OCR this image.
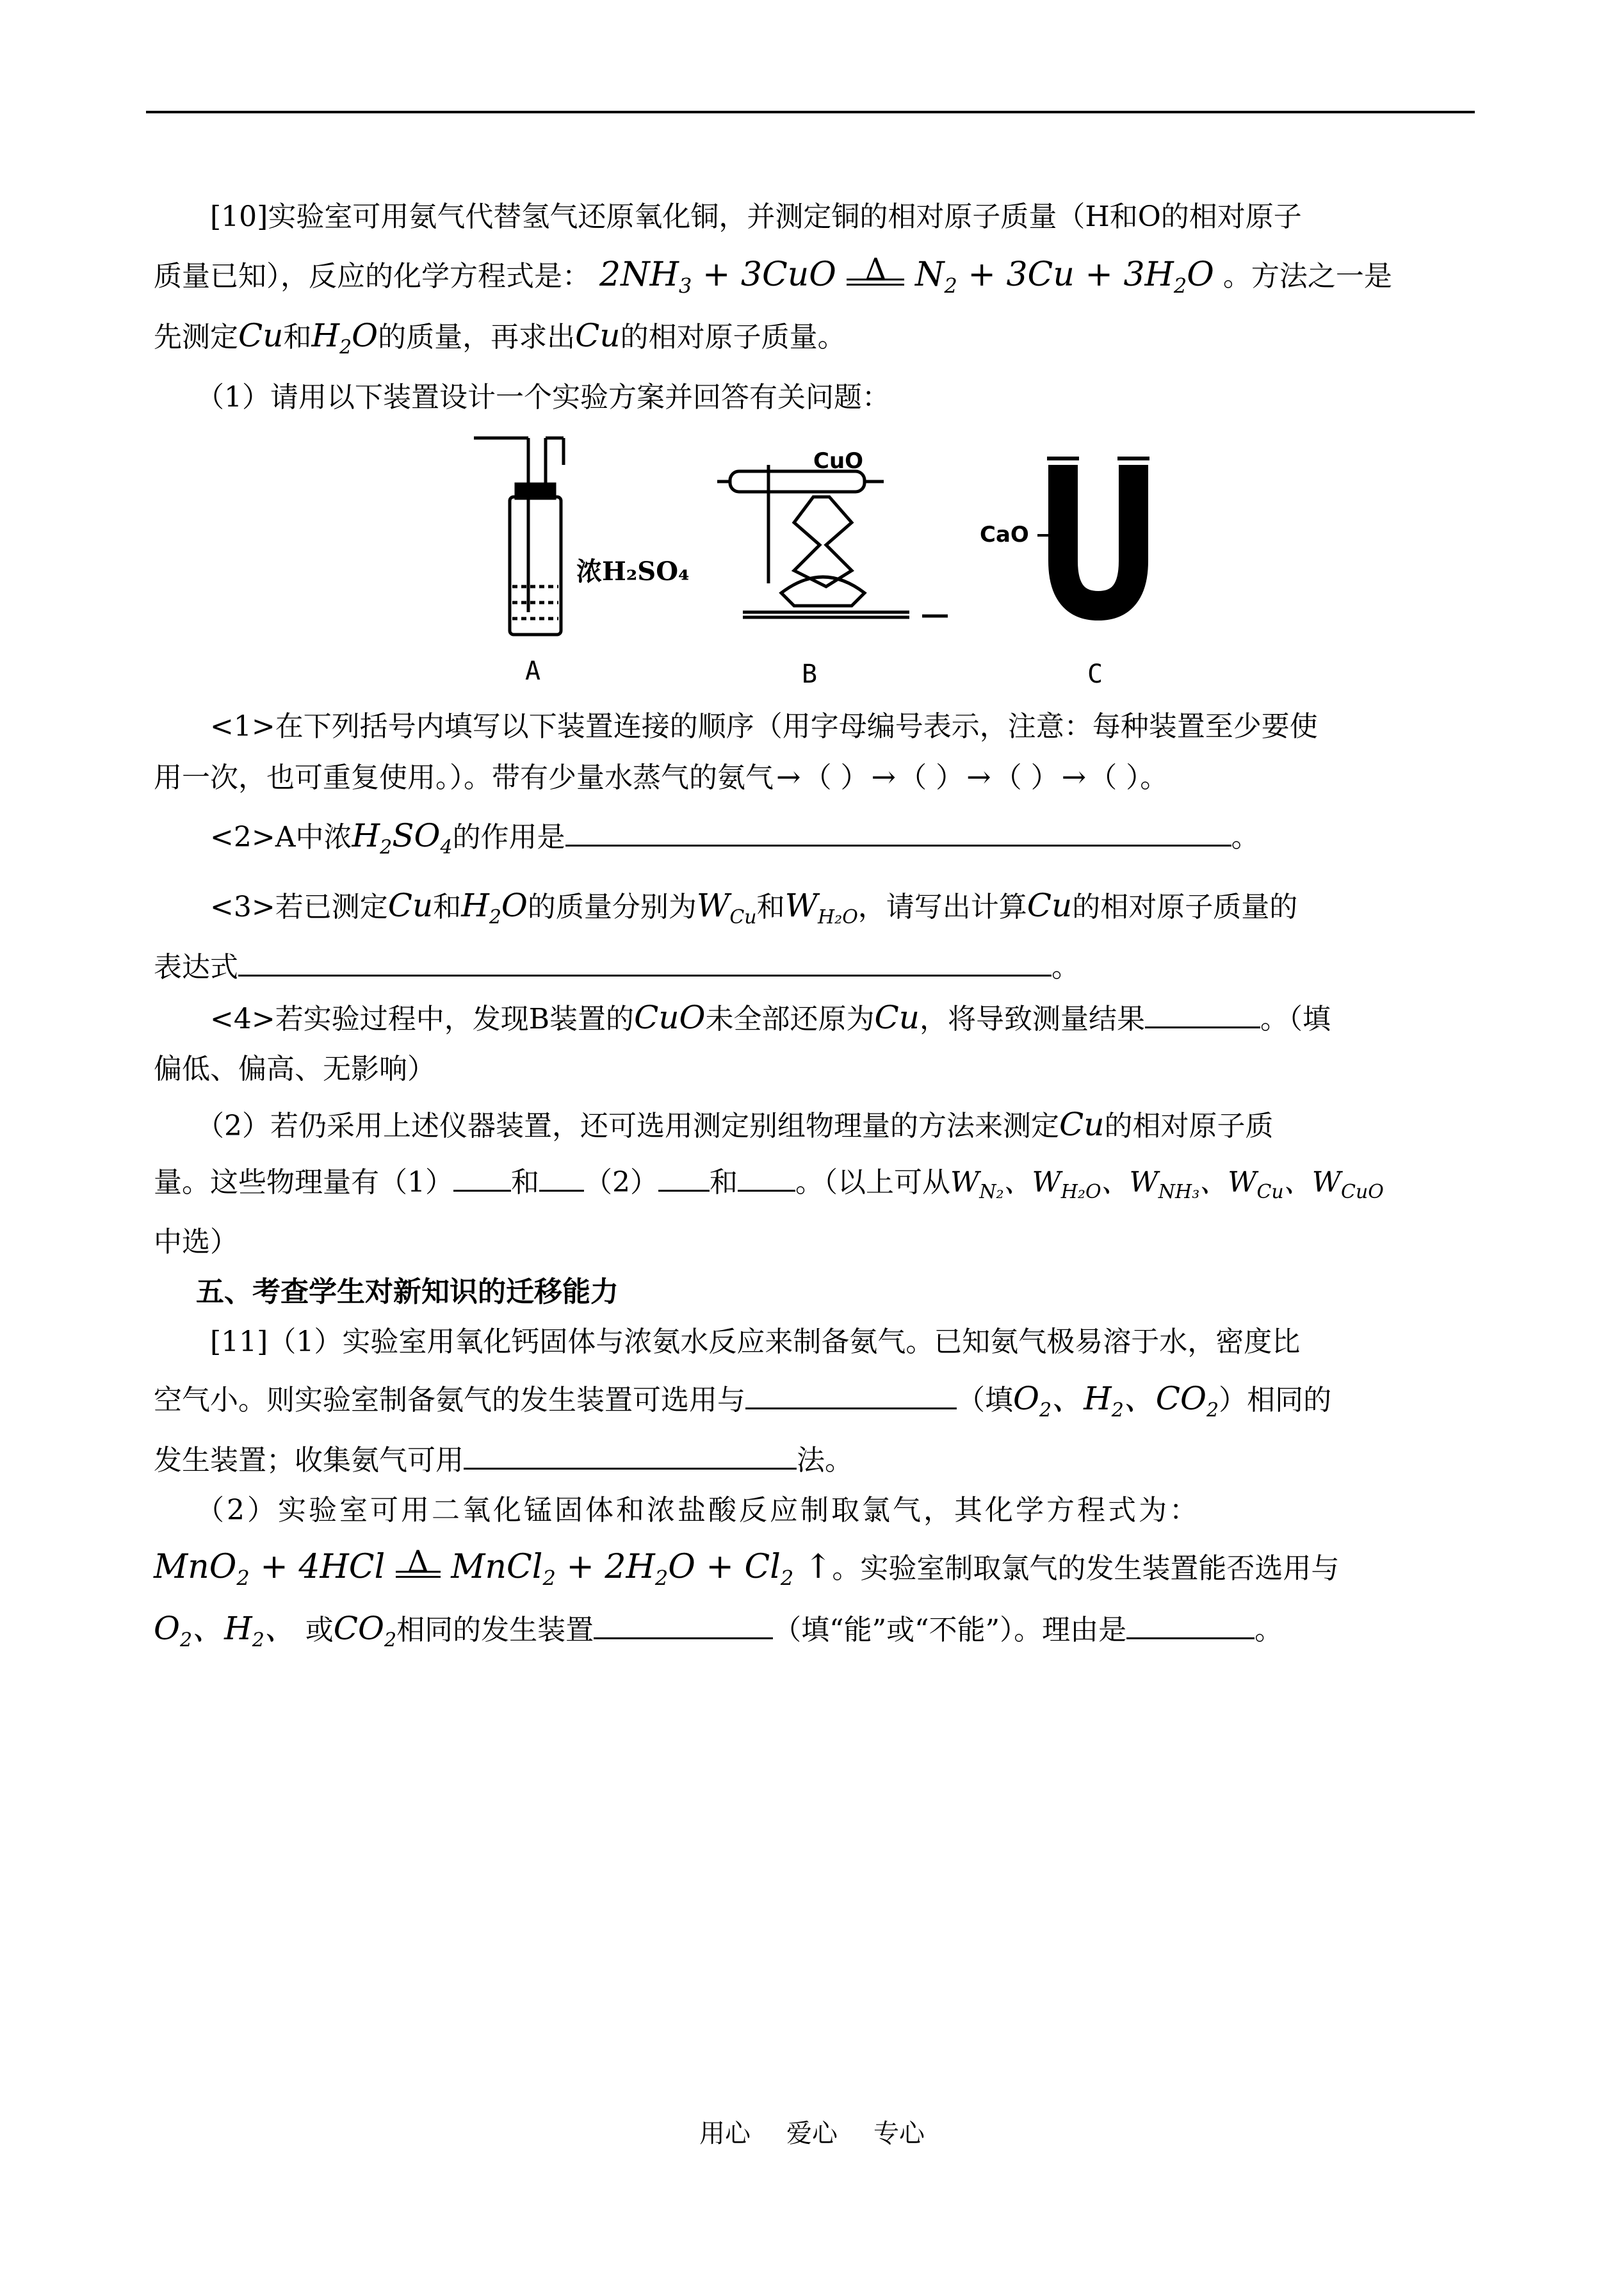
[10]实验室可用氨气代替氢气还原氧化铜，并测定铜的相对原子质量（H和O的相对原子

质量已知），反应的化学方程式是： $2NH_3 + 3CuO$ Δ $N_2 + 3Cu + 3H_2O$ 。方法之一是

先测定Cu和$H_2O$的质量，再求出Cu的相对原子质量。

（1）请用以下装置设计一个实验方案并回答有关问题：

浓H₂SO₄
A
CuO
B
CaO
C

<1>在下列括号内填写以下装置连接的顺序（用字母编号表示，注意：每种装置至少要使

用一次，也可重复使用。）。带有少量水蒸气的氨气→（ ）→（ ）→（ ）→（ ）。

<2>A中浓$H_2SO_4$的作用是	。

<3>若已测定Cu和$H_2O$的质量分别为$W_{Cu}$和$W_{H_2O}$，请写出计算Cu的相对原子质量的

表达式	。

<4>若实验过程中，发现B装置的CuO未全部还原为Cu，将导致测量结果	。（填

偏低、偏高、无影响）

（2）若仍采用上述仪器装置，还可选用测定别组物理量的方法来测定Cu的相对原子质

量。这些物理量有（1） 和 （2） 和 。（以上可从$W_{N_2}$、$W_{H_2O}$、$W_{NH_3}$、$W_{Cu}$、$W_{CuO}$

中选）

五、考查学生对新知识的迁移能力

[11]（1）实验室用氧化钙固体与浓氨水反应来制备氨气。已知氨气极易溶于水，密度比

空气小。则实验室制备氨气的发生装置可选用与	（填$O_2$、$H_2$、$CO_2$）相同的

发生装置；收集氨气可用	法。

（2）实验室可用二氧化锰固体和浓盐酸反应制取氯气，其化学方程式为：

MnO$_2$ + 4HCl Δ MnCl$_2$ + $2H_2O + Cl_2$ ↑。实验室制取氯气的发生装置能否选用与

$O_2$、$H_2$、 或$CO_2$相同的发生装置	（填“能”或“不能”）。理由是	。

用心 爱心 专心
